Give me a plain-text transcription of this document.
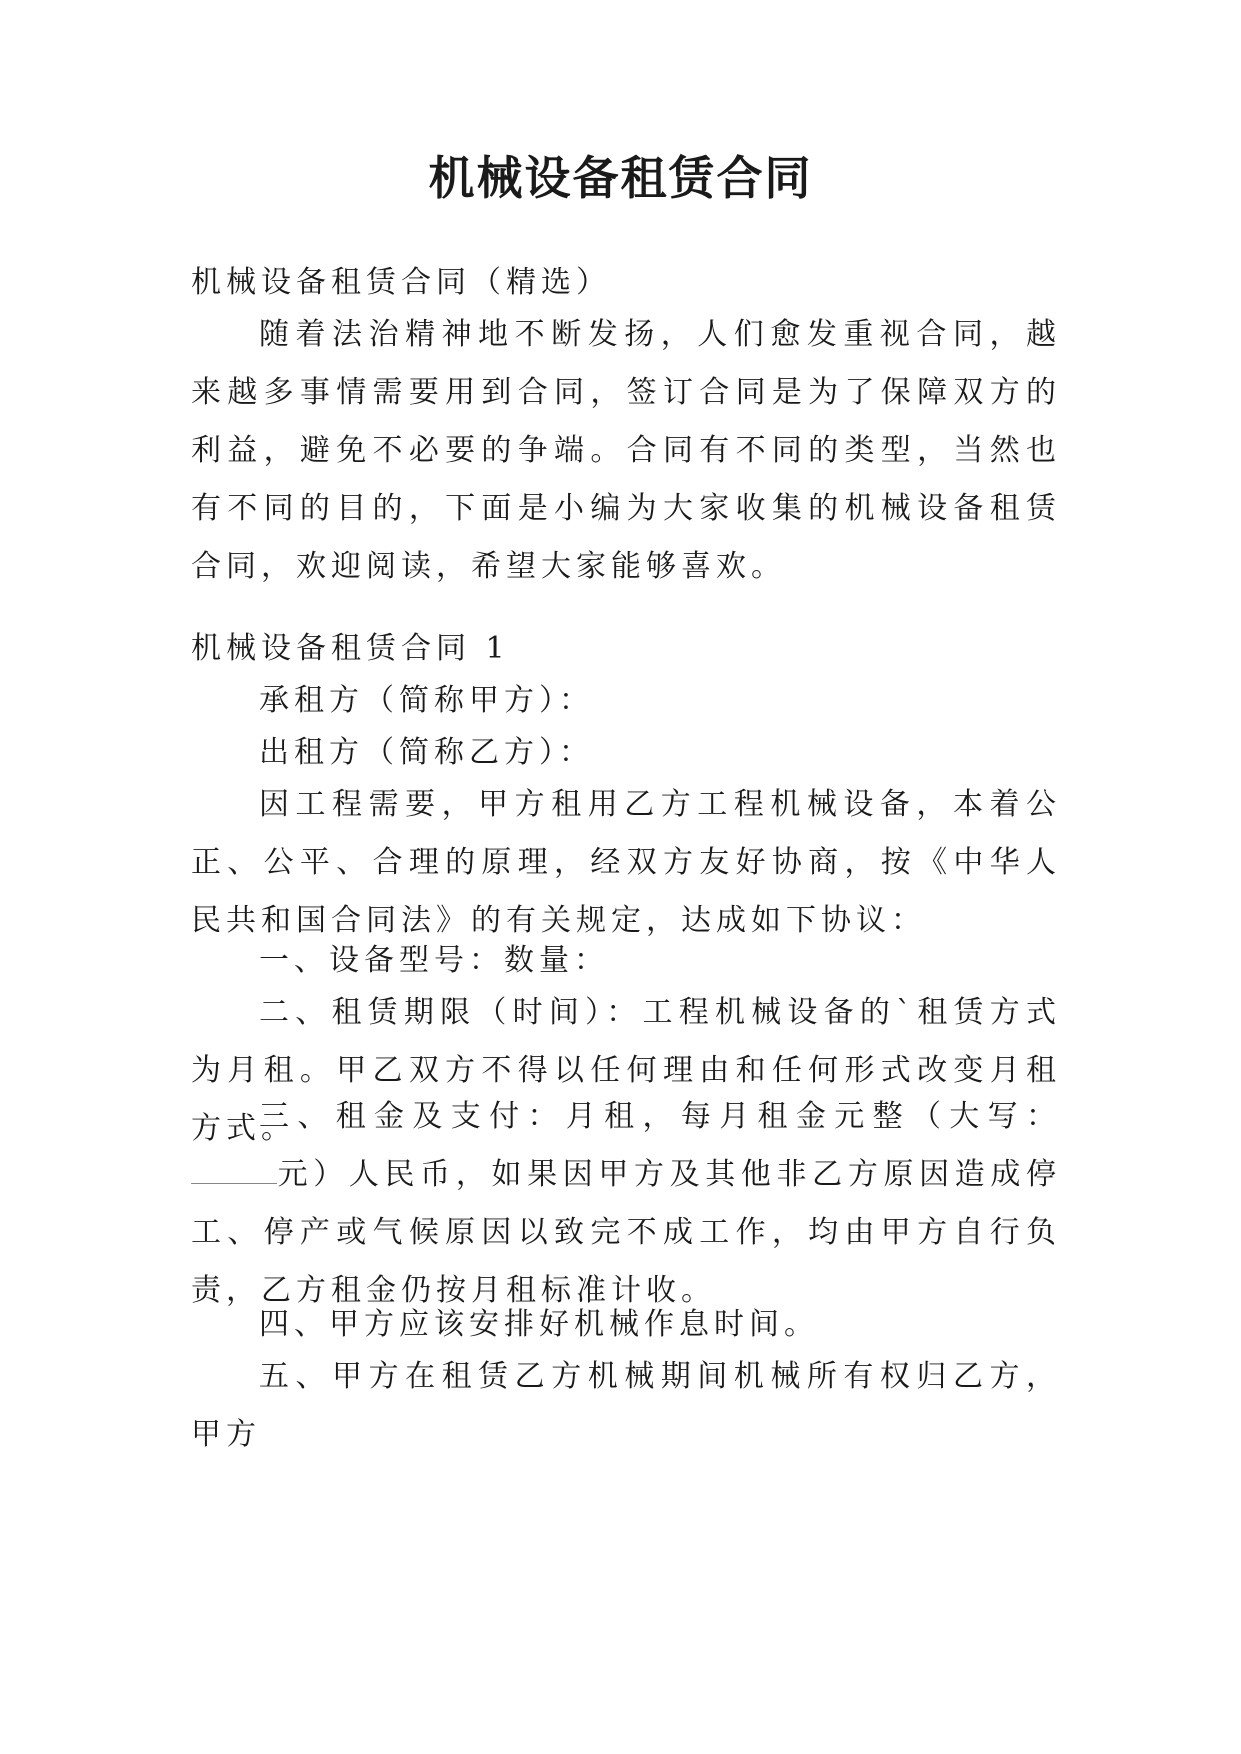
机械设备租赁合同

机械设备租赁合同（精选）

随着法治精神地不断发扬，人们愈发重视合同，越来越多事情需要用到合同，签订合同是为了保障双方的利益，避免不必要的争端。合同有不同的类型，当然也有不同的目的，下面是小编为大家收集的机械设备租赁合同，欢迎阅读，希望大家能够喜欢。

机械设备租赁合同 1

承租方（简称甲方）：

出租方（简称乙方）：

因工程需要，甲方租用乙方工程机械设备，本着公正、公平、合理的原理，经双方友好协商，按《中华人民共和国合同法》的有关规定，达成如下协议：

一、设备型号：数量：

二、租赁期限（时间）：工程机械设备的`租赁方式为月租。甲乙双方不得以任何理由和任何形式改变月租方式。

三、租金及支付：月租，每月租金元整（大写：元）人民币，如果因甲方及其他非乙方原因造成停工、停产或气候原因以致完不成工作，均由甲方自行负责，乙方租金仍按月租标准计收。

四、甲方应该安排好机械作息时间。

五、甲方在租赁乙方机械期间机械所有权归乙方，甲方
